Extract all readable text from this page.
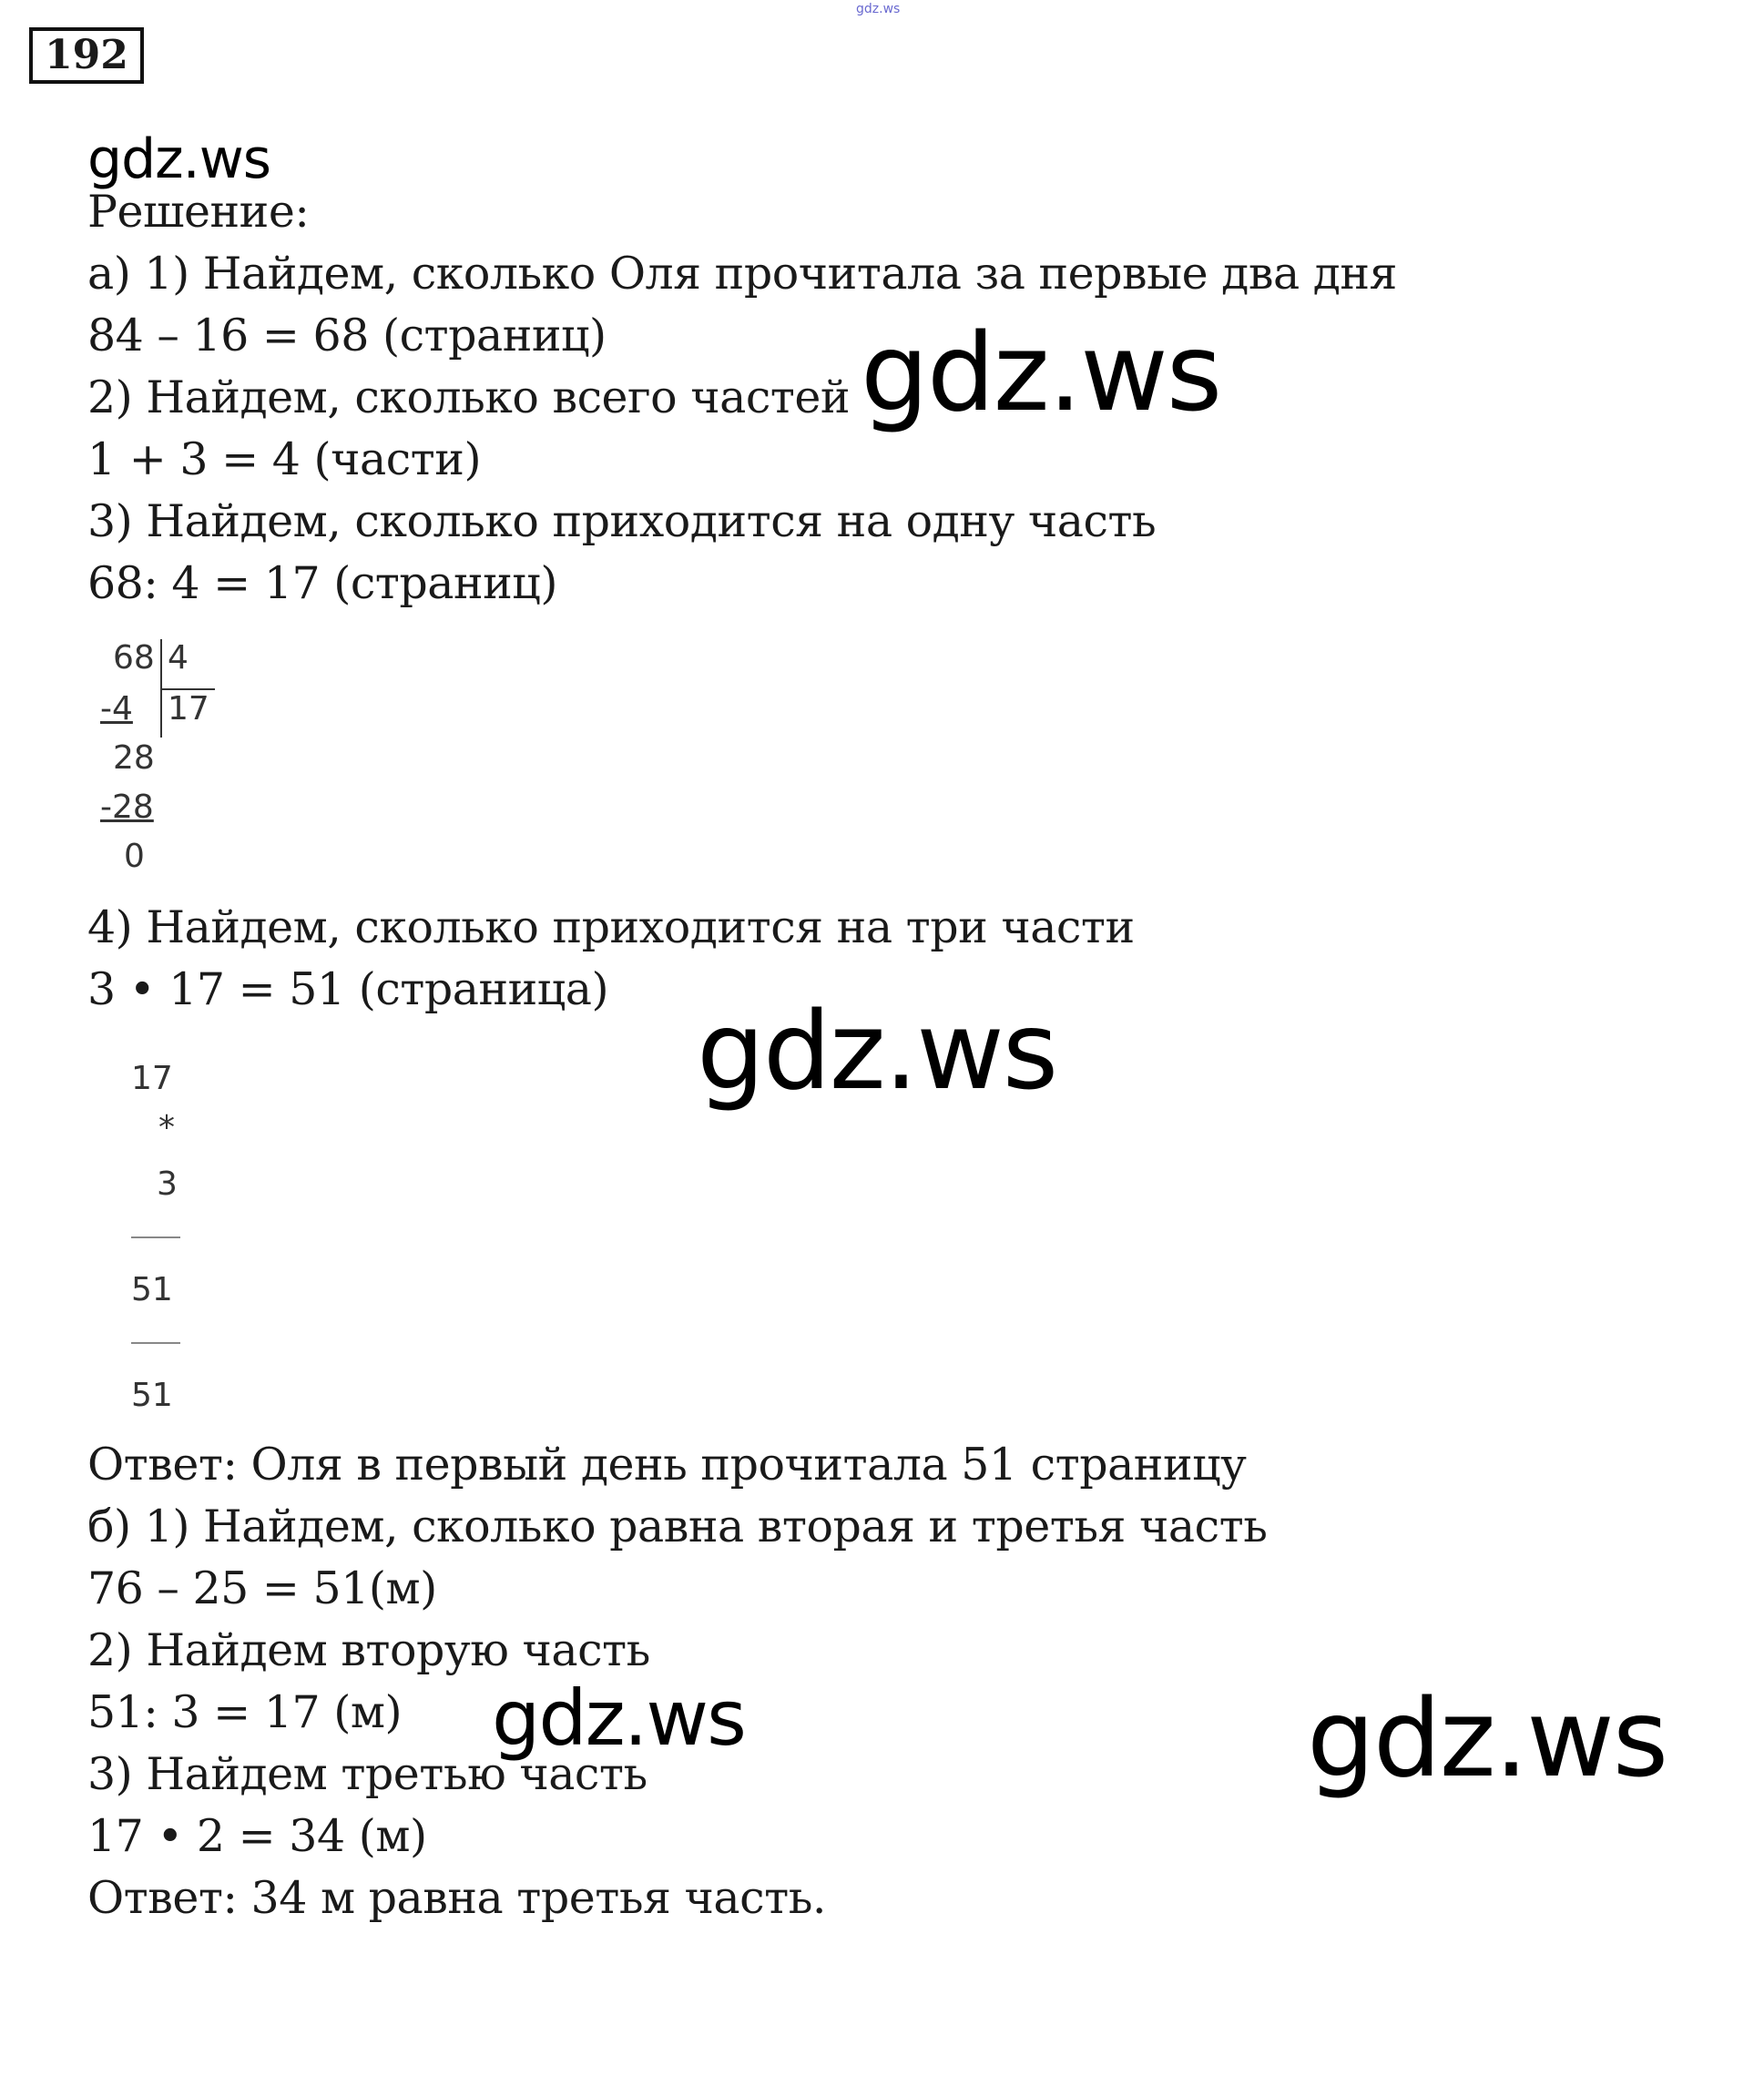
192
gdz.ws
gdz.ws
Решение:
а) 1) Найдем, сколько Оля прочитала за первые два дня
84 – 16 = 68 (страниц)
2) Найдем, сколько всего частей
1 + 3 = 4 (части)
3) Найдем, сколько приходится на одну часть
68: 4 = 17 (страниц)
68 4
-4 17
28
-28
0
gdz.ws
4) Найдем, сколько приходится на три части
3 • 17 = 51 (страница)
17
*
3
51
51
gdz.ws
Ответ: Оля в первый день прочитала 51 страницу
б) 1) Найдем, сколько равна вторая и третья часть
76 – 25 = 51(м)
2) Найдем вторую часть
51: 3 = 17 (м)
3) Найдем третью часть
17 • 2 = 34 (м)
Ответ: 34 м равна третья часть.
gdz.ws	gdz.ws
